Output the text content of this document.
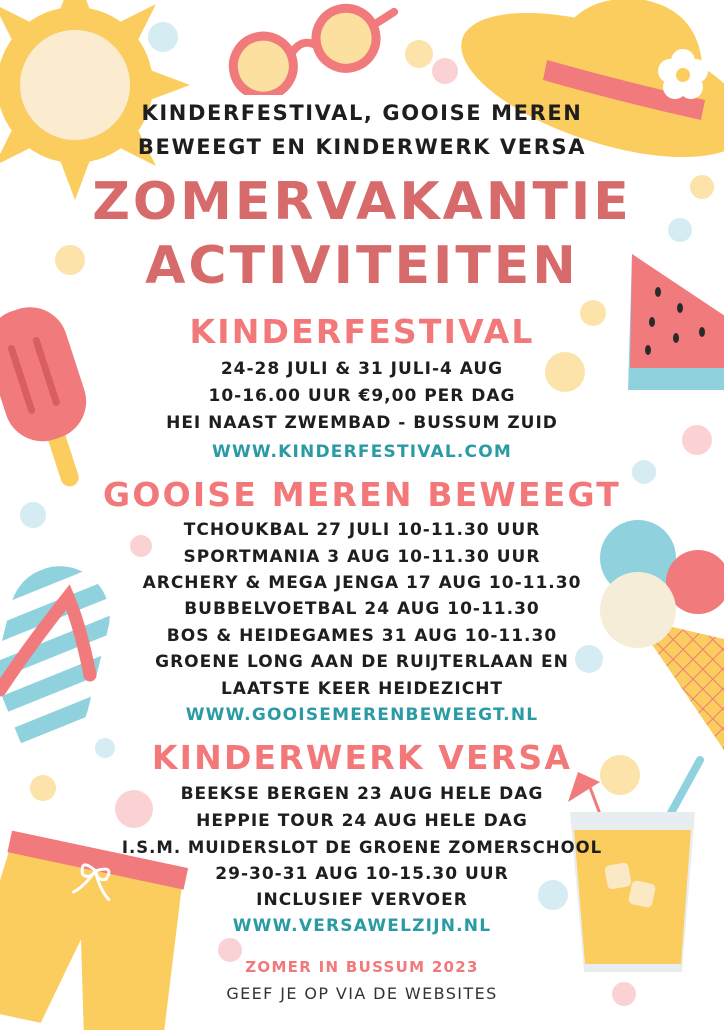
KINDERFESTIVAL, GOOISE MEREN
BEWEEGT EN KINDERWERK VERSA
ZOMERVAKANTIE
ACTIVITEITEN
KINDERFESTIVAL
24-28 JULI & 31 JULI-4 AUG
10-16.00 UUR €9,00 PER DAG
HEI NAAST ZWEMBAD - BUSSUM ZUID
WWW.KINDERFESTIVAL.COM
GOOISE MEREN BEWEEGT
TCHOUKBAL 27 JULI 10-11.30 UUR
SPORTMANIA 3 AUG 10-11.30 UUR
ARCHERY & MEGA JENGA 17 AUG 10-11.30
BUBBELVOETBAL 24 AUG 10-11.30
BOS & HEIDEGAMES 31 AUG 10-11.30
GROENE LONG AAN DE RUIJTERLAAN EN
LAATSTE KEER HEIDEZICHT
WWW.GOOISEMERENBEWEEGT.NL
KINDERWERK VERSA
BEEKSE BERGEN 23 AUG HELE DAG
HEPPIE TOUR 24 AUG HELE DAG
I.S.M. MUIDERSLOT DE GROENE ZOMERSCHOOL
29-30-31 AUG 10-15.30 UUR
INCLUSIEF VERVOER
WWW.VERSAWELZIJN.NL
ZOMER IN BUSSUM 2023
GEEF JE OP VIA DE WEBSITES
